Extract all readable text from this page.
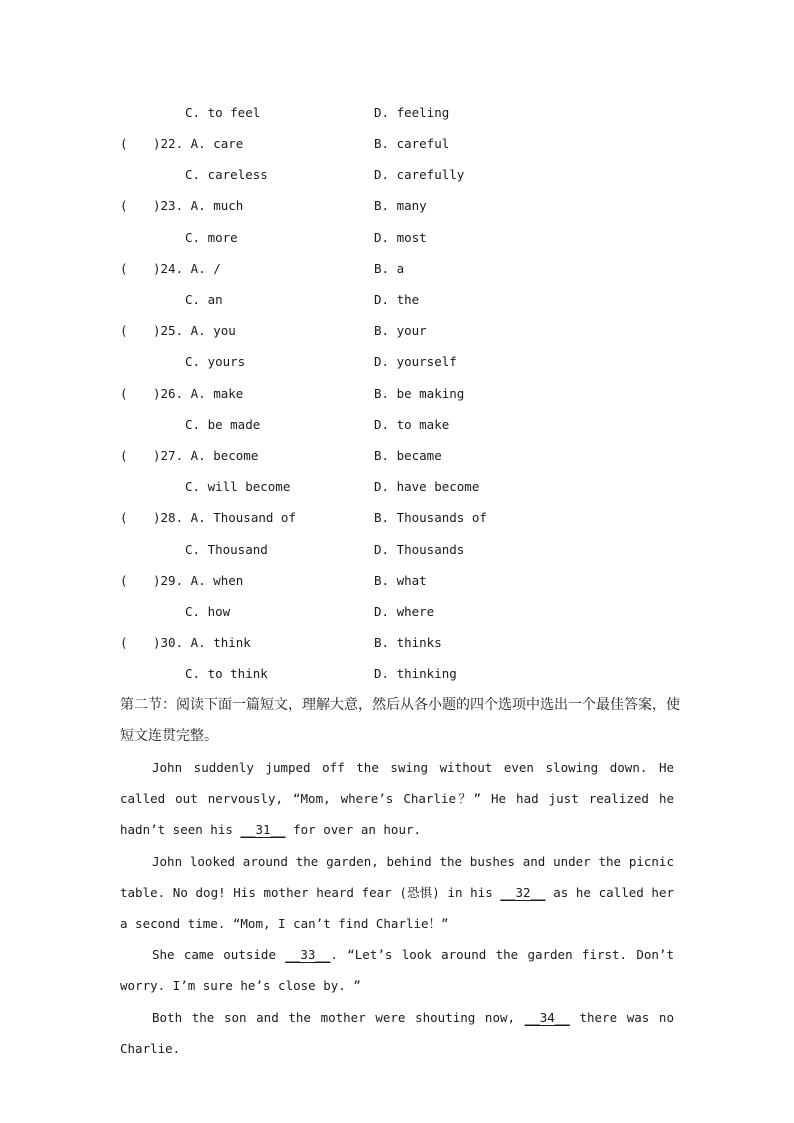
C. to feel	D. feeling
( )22. A. care	B. careful
C. careless	D. carefully
( )23. A. much	B. many
C. more	D. most
( )24. A. /	B. a
C. an	D. the
( )25. A. you	B. your
C. yours	D. yourself
( )26. A. make	B. be making
C. be made	D. to make
( )27. A. become	B. became
C. will become	D. have become
( )28. A. Thousand of	B. Thousands of
C. Thousand	D. Thousands
( )29. A. when	B. what
C. how	D. where
( )30. A. think	B. thinks
C. to think	D. thinking
第二节：阅读下面一篇短文，理解大意，然后从各小题的四个选项中选出一个最佳答案，使短文连贯完整。
John suddenly jumped off the swing without even slowing down. He called out nervously, “Mom, where’s Charlie？” He had just realized he hadn’t seen his __31__ for over an hour.
John looked around the garden, behind the bushes and under the picnic table. No dog! His mother heard fear (恐惧) in his __32__ as he called her a second time. “Mom, I can’t find Charlie！”
She came outside __33__. “Let’s look around the garden first. Don’t worry. I’m sure he’s close by. ”
Both the son and the mother were shouting now, __34__ there was no Charlie.
